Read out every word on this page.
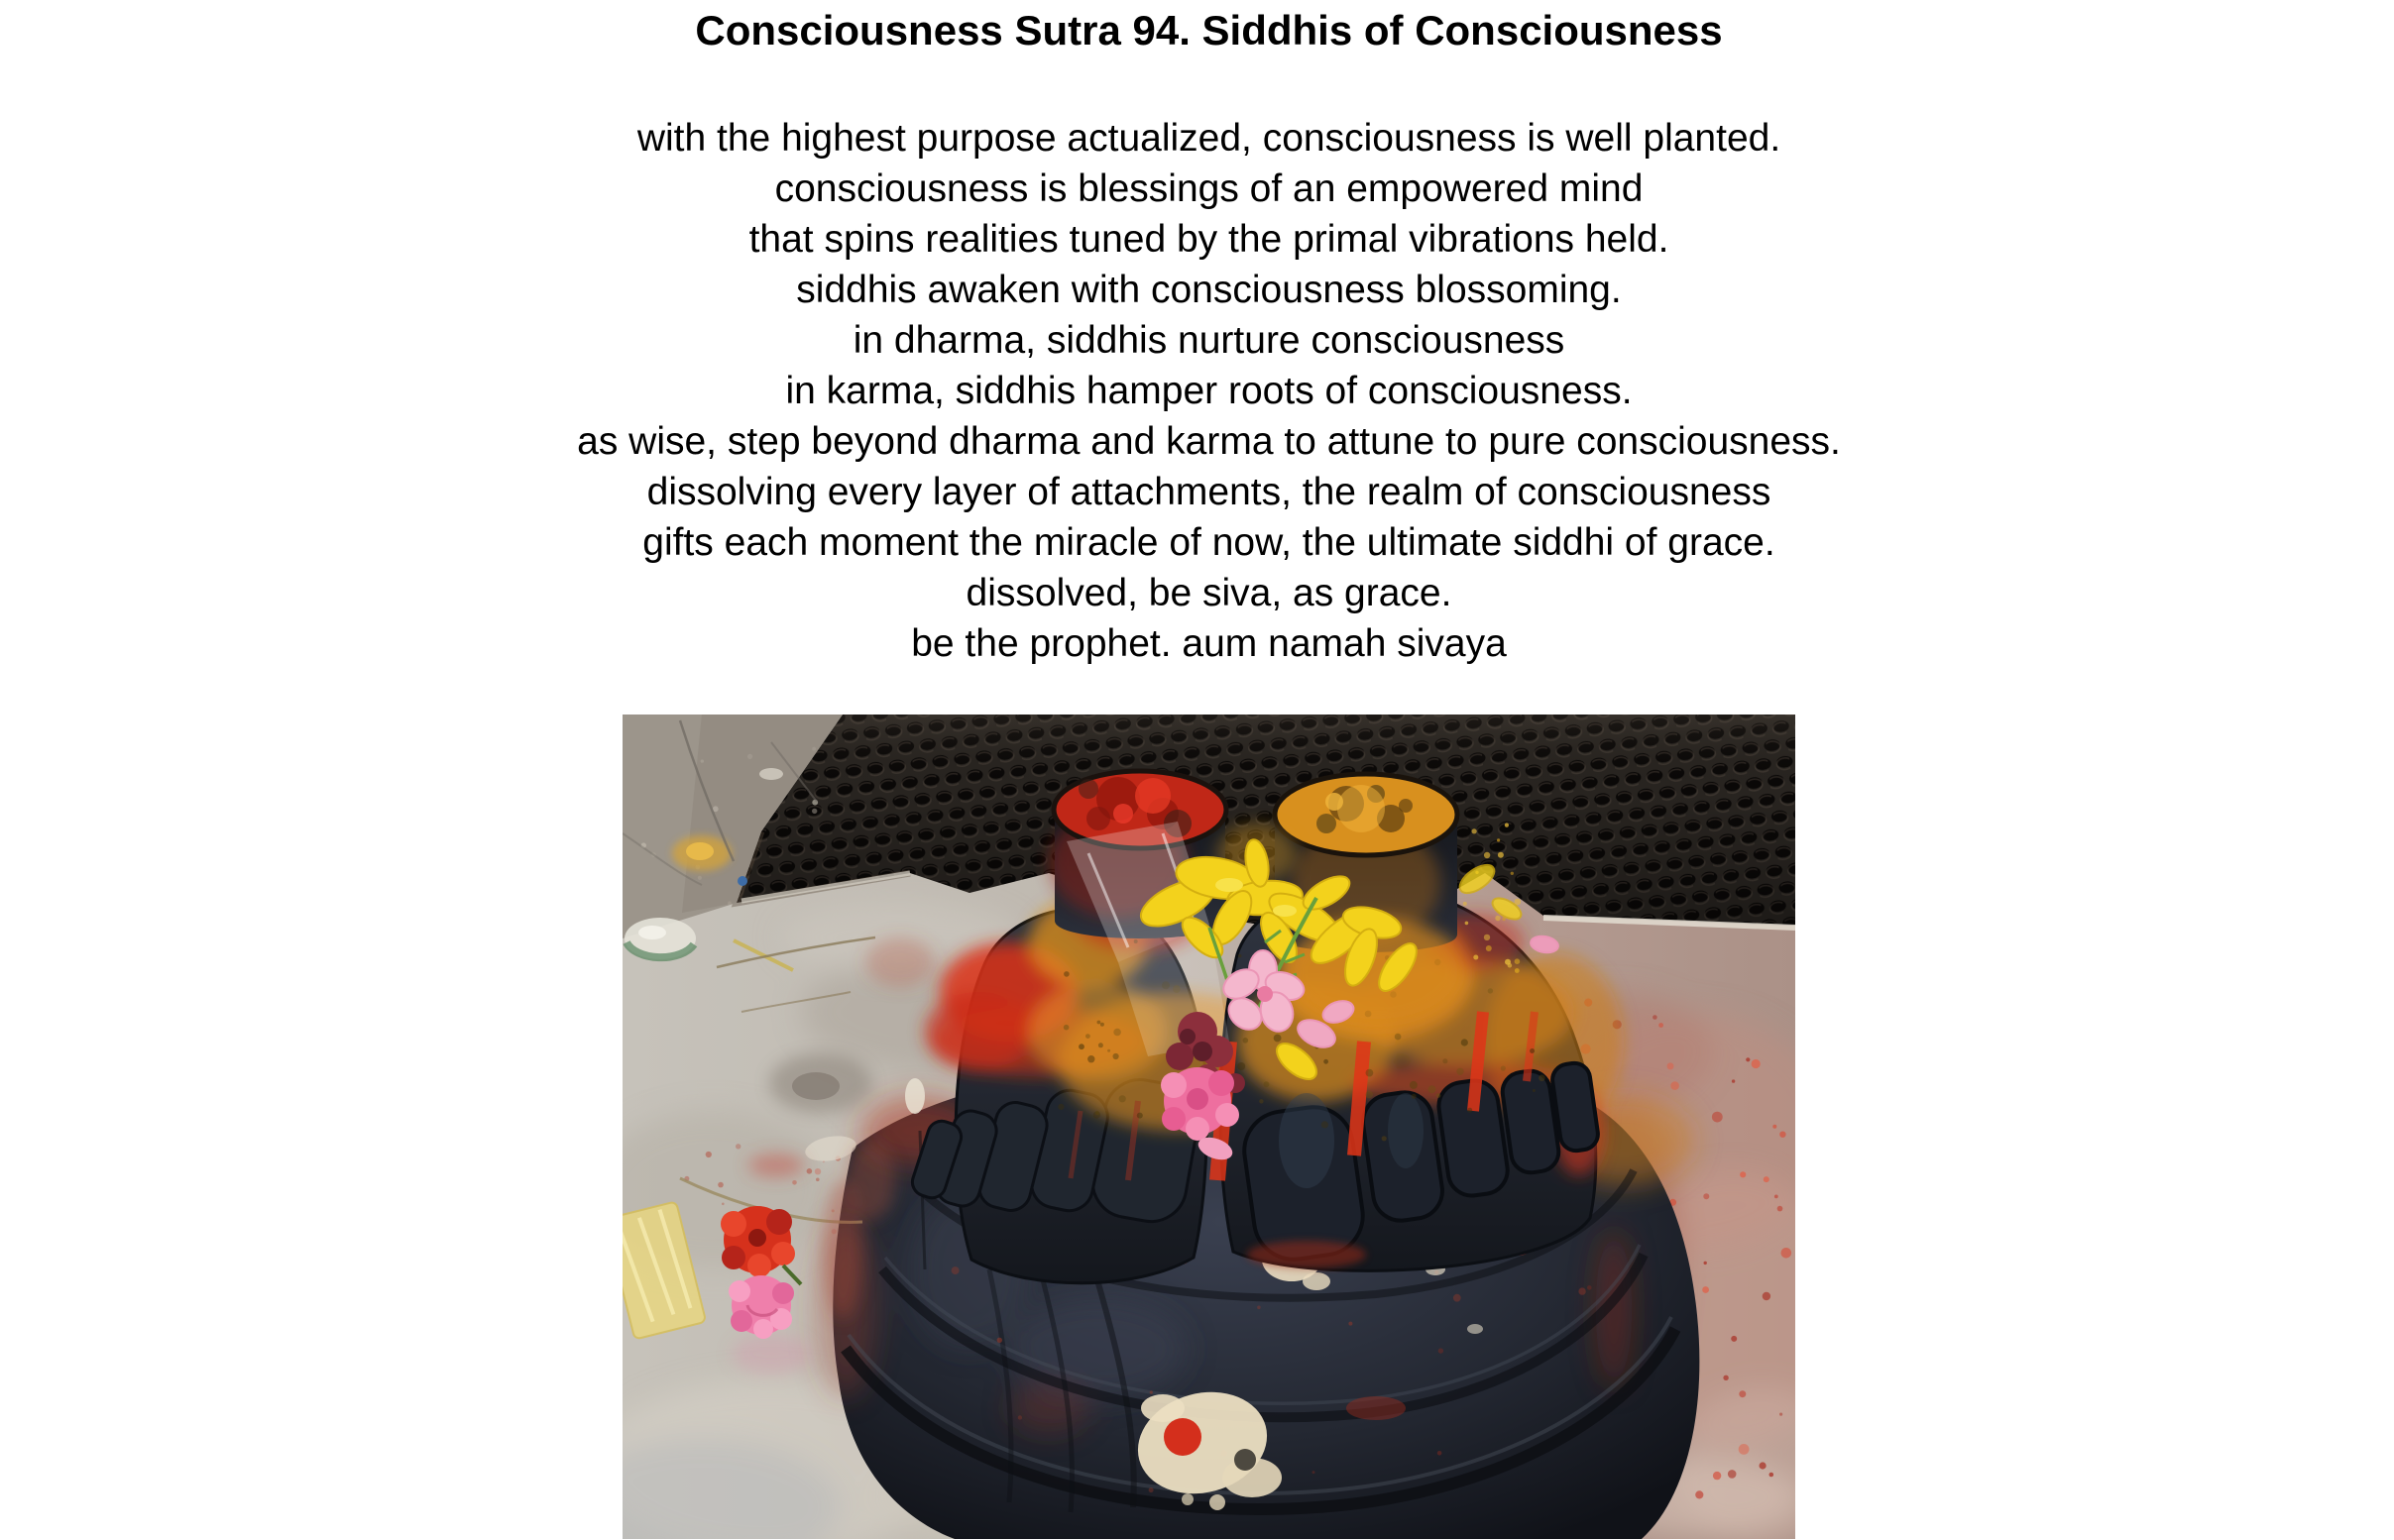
Consciousness Sutra 94. Siddhis of Consciousness
with the highest purpose actualized, consciousness is well planted.
consciousness is blessings of an empowered mind
that spins realities tuned by the primal vibrations held.
siddhis awaken with consciousness blossoming.
in dharma, siddhis nurture consciousness
in karma, siddhis hamper roots of consciousness.
as wise, step beyond dharma and karma to attune to pure consciousness.
dissolving every layer of attachments, the realm of consciousness
gifts each moment the miracle of now, the ultimate siddhi of grace.
dissolved, be siva, as grace.
be the prophet. aum namah sivaya
